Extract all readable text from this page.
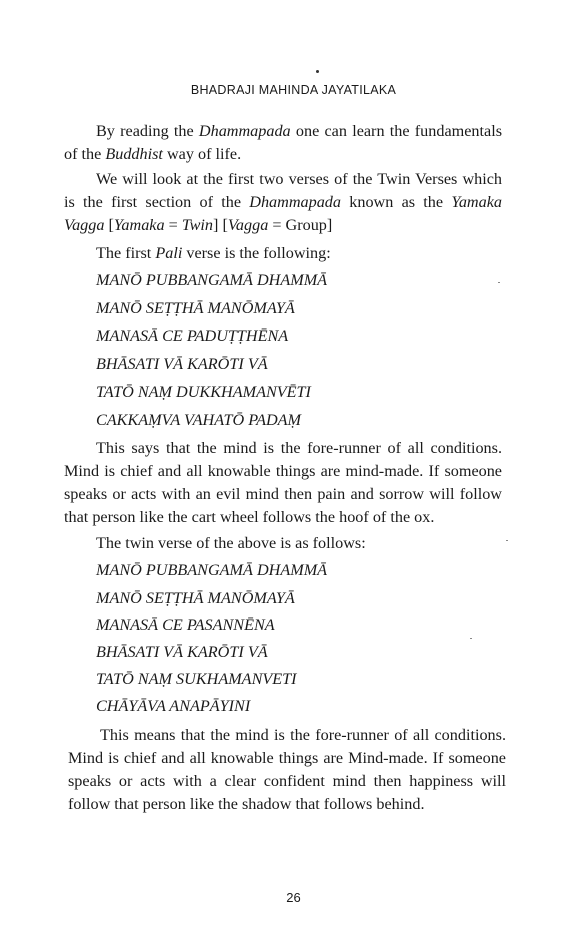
BHADRAJI MAHINDA JAYATILAKA

By reading the Dhammapada one can learn the fundamentals of the Buddhist way of life.

We will look at the first two verses of the Twin Verses which is the first section of the Dhammapada known as the Yamaka Vagga [Yamaka = Twin] [Vagga = Group]

The first Pali verse is the following:
MANŌ PUBBANGAMĀ DHAMMĀ
MANŌ SEṬṬHĀ MANŌMAYĀ
MANASĀ CE PADUṬṬHĒNA
BHĀSATI VĀ KARŌTI VĀ
TATŌ NAṂ DUKKHAMANVĒTI
CAKKAṂVA VAHATŌ PADAṂ

This says that the mind is the fore-runner of all conditions. Mind is chief and all knowable things are mind-made. If someone speaks or acts with an evil mind then pain and sorrow will follow that person like the cart wheel follows the hoof of the ox.

The twin verse of the above is as follows:
MANŌ PUBBANGAMĀ DHAMMĀ
MANŌ SEṬṬHĀ MANŌMAYĀ
MANASĀ CE PASANNĒNA
BHĀSATI VĀ KARŌTI VĀ
TATŌ NAṂ SUKHAMANVETI
CHĀYĀVA ANAPĀYINI

This means that the mind is the fore-runner of all conditions. Mind is chief and all knowable things are Mind-made. If someone speaks or acts with a clear confident mind then happiness will follow that person like the shadow that follows behind.

26
